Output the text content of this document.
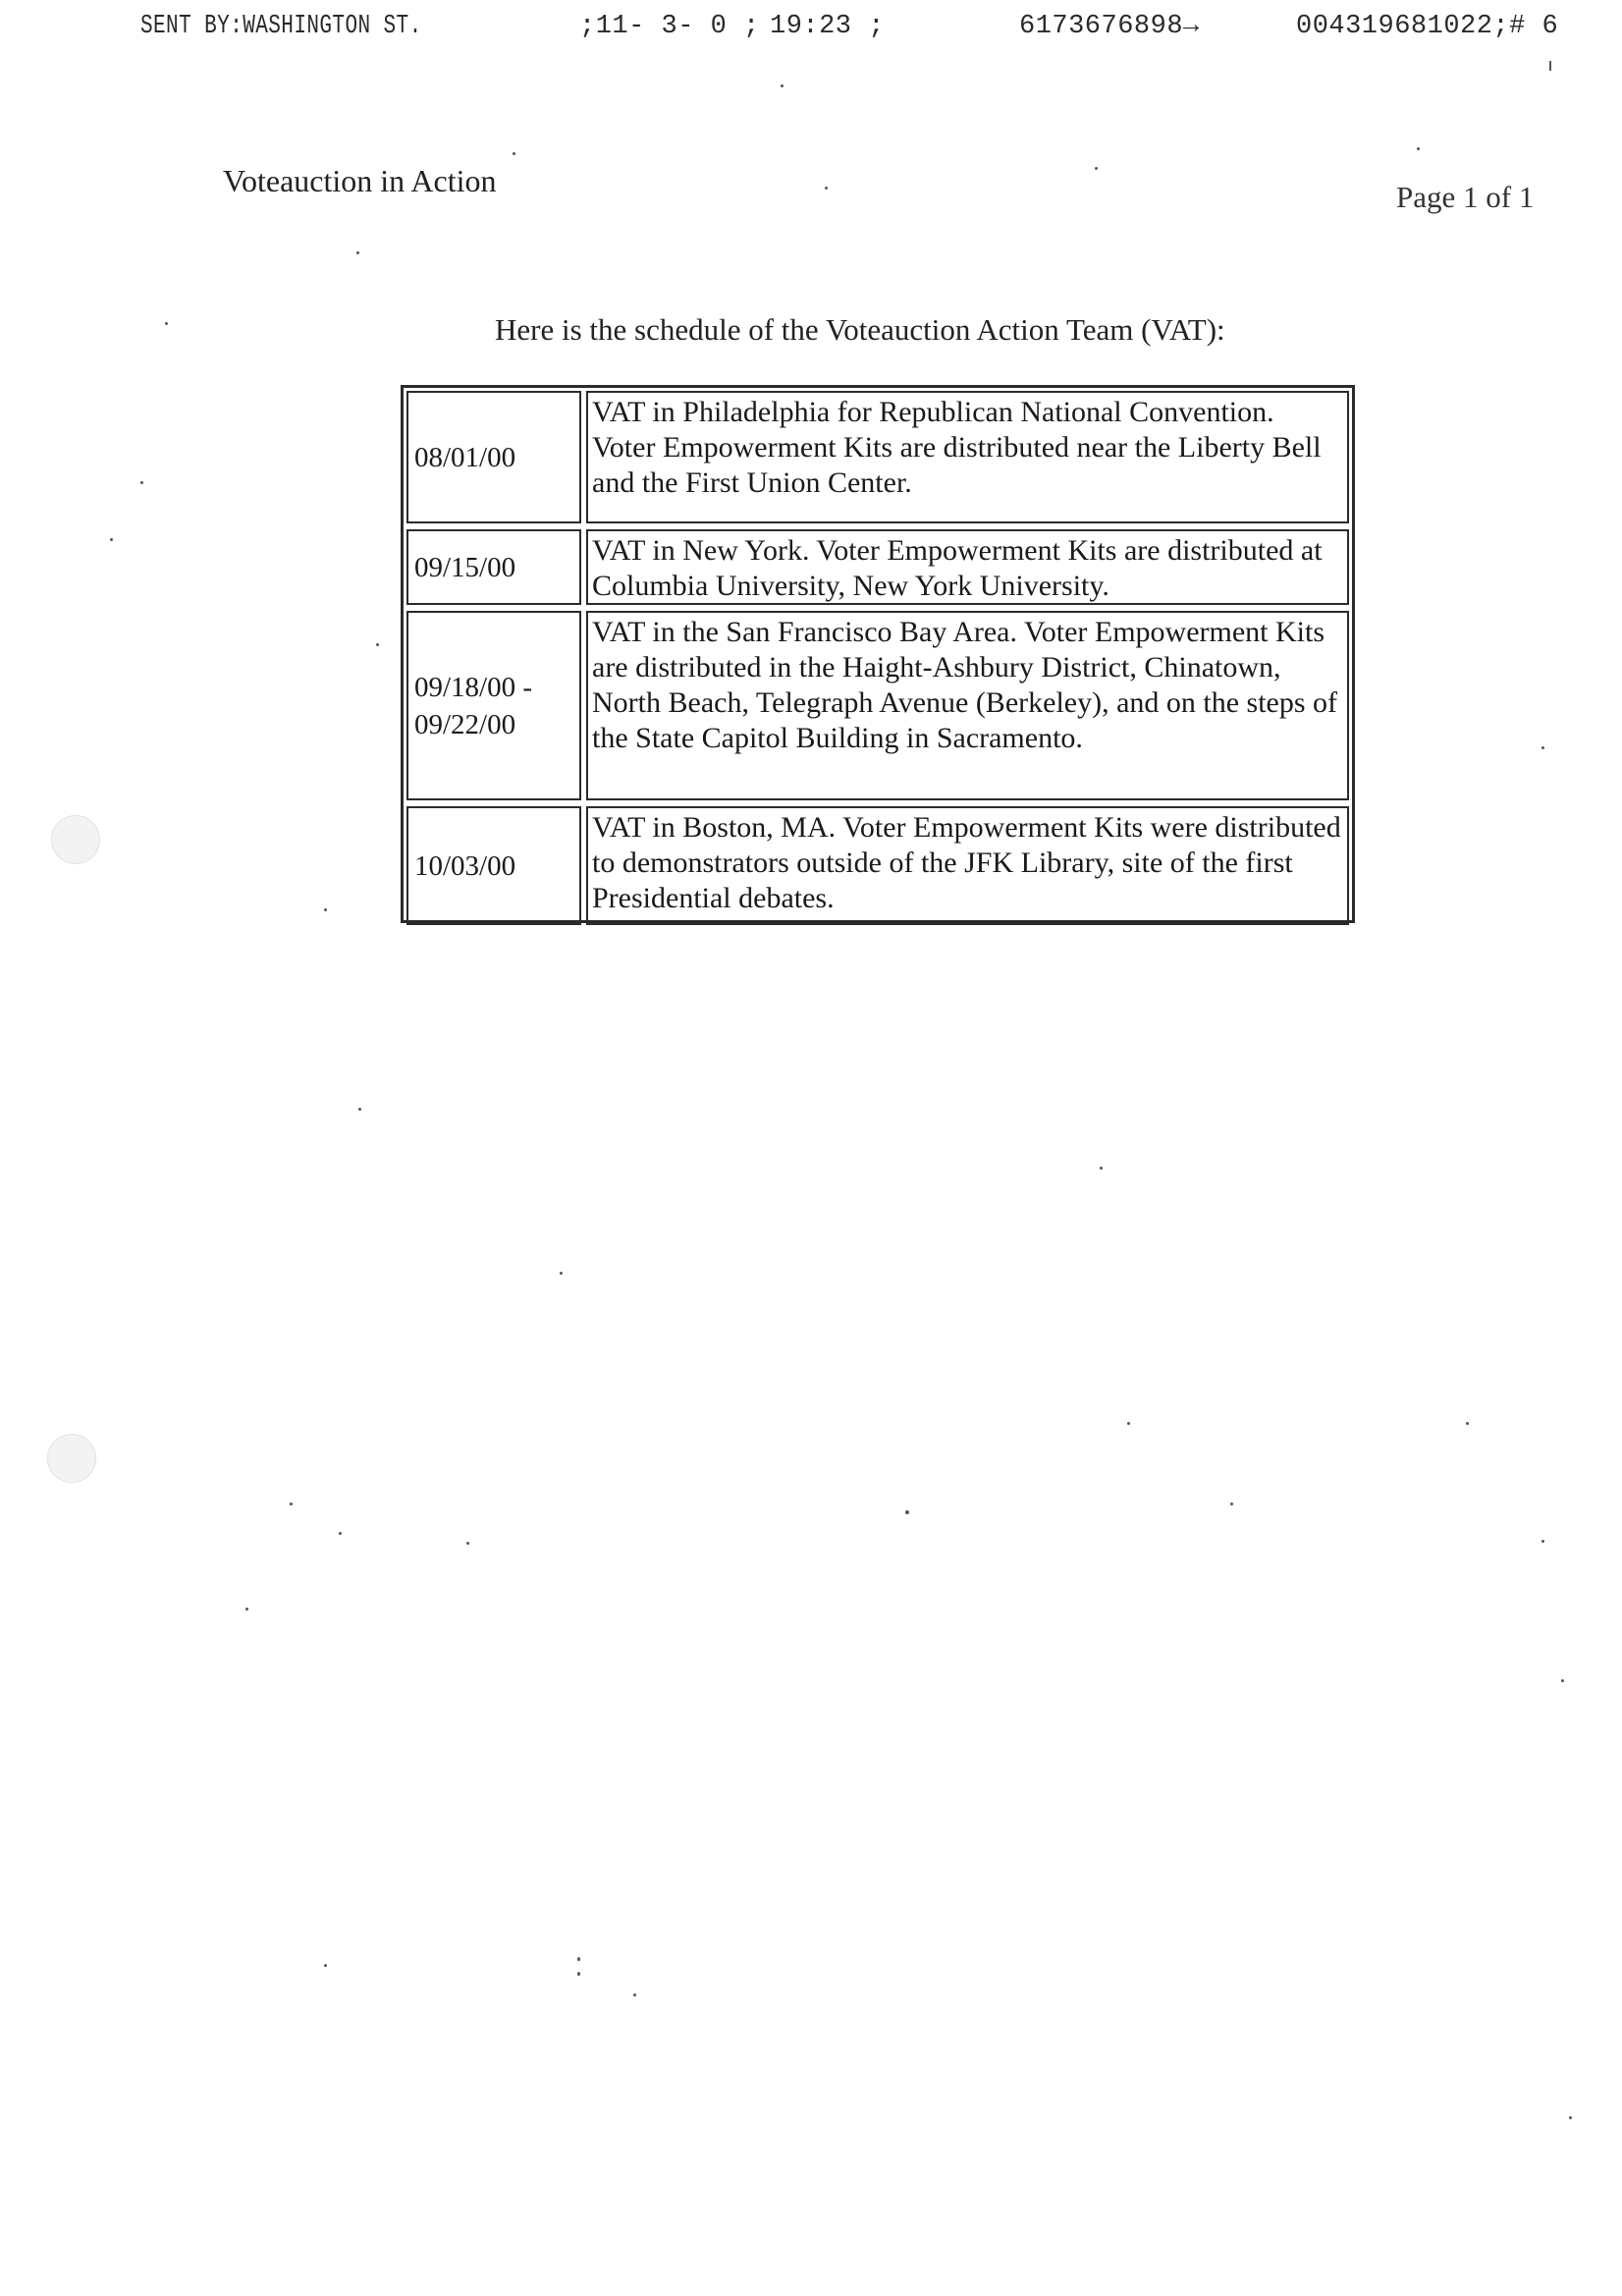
SENT BY:WASHINGTON ST.	;11- 3- 0 ; 19:23 ;	6173676898→	004319681022;# 6
Voteauction in Action	Page 1 of 1
Here is the schedule of the Voteauction Action Team (VAT):
08/01/00
VAT in Philadelphia for Republican National Convention. Voter Empowerment Kits are distributed near the Liberty Bell and the First Union Center.
09/15/00
VAT in New York. Voter Empowerment Kits are distributed at Columbia University, New York University.
09/18/00 - 09/22/00
VAT in the San Francisco Bay Area. Voter Empowerment Kits are distributed in the Haight-Ashbury District, Chinatown, North Beach, Telegraph Avenue (Berkeley), and on the steps of the State Capitol Building in Sacramento.
10/03/00
VAT in Boston, MA. Voter Empowerment Kits were distributed to demonstrators outside of the JFK Library, site of the first Presidential debates.
